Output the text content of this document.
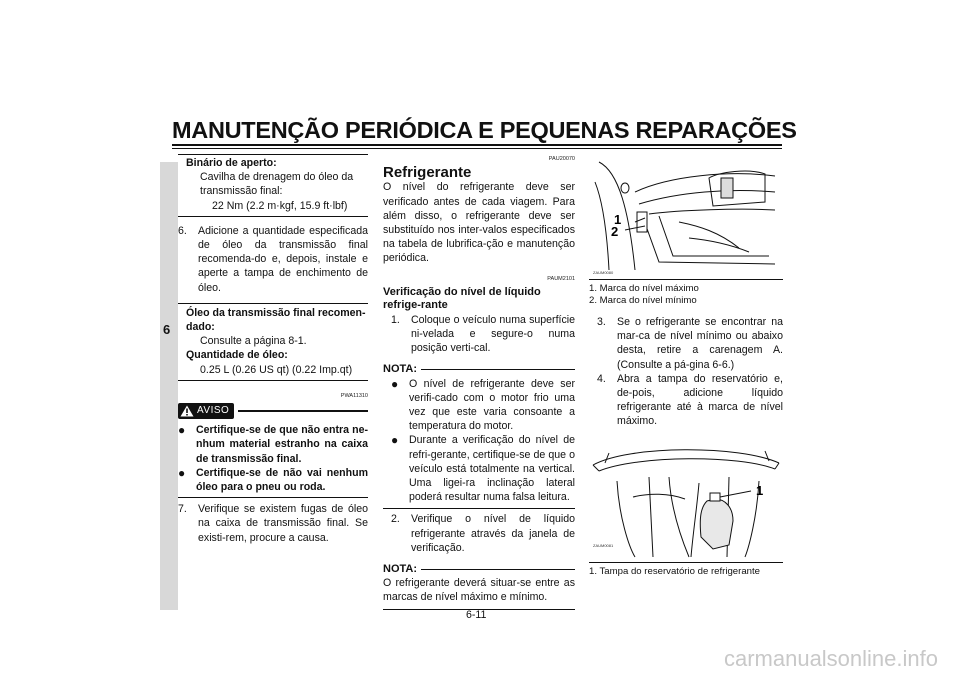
MANUTENÇÃO PERIÓDICA E PEQUENAS REPARAÇÕES
6
Binário de aperto:
Cavilha de drenagem do óleo da transmissão final:
22 Nm (2.2 m·kgf, 15.9 ft·lbf)
6.	Adicione a quantidade especificada de óleo da transmissão final recomenda-do e, depois, instale e aperte a tampa de enchimento de óleo.
Óleo da transmissão final recomen-dado:
Consulte a página 8-1.
Quantidade de óleo:
0.25 L (0.26 US qt) (0.22 Imp.qt)
PWA11310
AVISO
●	Certifique-se de que não entra ne-nhum material estranho na caixa de transmissão final.
●	Certifique-se de não vai nenhum óleo para o pneu ou roda.
7.	Verifique se existem fugas de óleo na caixa de transmissão final. Se existi-rem, procure a causa.
PAU20070
Refrigerante
O nível do refrigerante deve ser verificado antes de cada viagem. Para além disso, o refrigerante deve ser substituído nos inter-valos especificados na tabela de lubrifica-ção e manutenção periódica.
PAUM2101
Verificação do nível de líquido refrige-rante
1.	Coloque o veículo numa superfície ni-velada e segure-o numa posição verti-cal.
NOTA:
●	O nível de refrigerante deve ser verifi-cado com o motor frio uma vez que este varia consoante a temperatura do motor.
●	Durante a verificação do nível de refri-gerante, certifique-se de que o veículo está totalmente na vertical. Uma ligei-ra inclinação lateral poderá resultar numa falsa leitura.
2.	Verifique o nível de líquido refrigerante através da janela de verificação.
NOTA:
O refrigerante deverá situar-se entre as marcas de nível máximo e mínimo.
1
2
ZAUM0080
1. Marca do nível máximo
2. Marca do nível mínimo
3.	Se o refrigerante se encontrar na mar-ca de nível mínimo ou abaixo desta, retire a carenagem A. (Consulte a pá-gina 6-6.)
4.	Abra a tampa do reservatório e, de-pois, adicione líquido refrigerante até à marca de nível máximo.
1
ZAUM0081
1. Tampa do reservatório de refrigerante
6-11
carmanualsonline.info
